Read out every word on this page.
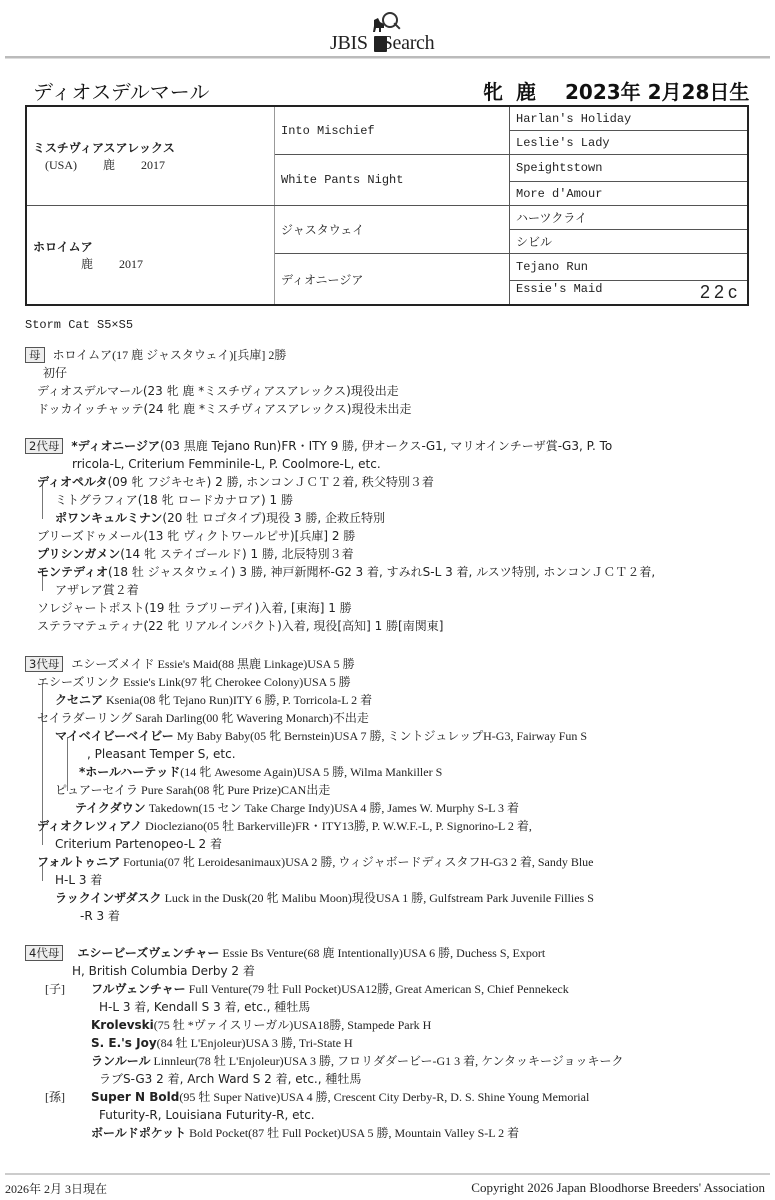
JBIS Search
ディオスデルマール	牝 鹿	2023年 2月28日生
ミスチヴィアスアレックス
(USA) 鹿 2017	Into Mischief	Harlan's Holiday
		Leslie's Lady
	White Pants Night	Speightstown
		More d'Amour

ホロイムア
鹿 2017	ジャスタウェイ	ハーツクライ
		シビル
	ディオニージア	Tejano Run
		Essie's Maid 22c
Storm Cat S5×S5
母 ホロイムア(17 鹿 ジャスタウェイ)[兵庫] 2勝
初仔
ディオスデルマール(23 牝 鹿 *ミスチヴィアスアレックス)現役出走
ドッカイッチャッテ(24 牝 鹿 *ミスチヴィアスアレックス)現役未出走
2代母 *ディオニージア(03 黒鹿 Tejano Run)FR・ITY 9 勝, 伊オークス-G1, マリオインチーザ賞-G3, P. To
rricola-L, Criterium Femminile-L, P. Coolmore-L, etc.
ディオペルタ(09 牝 フジキセキ) 2 勝, ホンコンＪＣＴ２着, 秩父特別３着
ミトグラフィア(18 牝 ロードカナロア) 1 勝
ポワンキュルミナン(20 牡 ロゴタイプ)現役 3 勝, 企救丘特別
ブリーズドゥメール(13 牝 ヴィクトワールピサ)[兵庫] 2 勝
プリシンガメン(14 牝 ステイゴールド) 1 勝, 北辰特別３着
モンテディオ(18 牡 ジャスタウェイ) 3 勝, 神戸新聞杯-G2 3 着, すみれS-L 3 着, ルスツ特別, ホンコンＪＣＴ２着,
アザレア賞２着
ソレジャートポスト(19 牡 ラブリーデイ)入着, [東海] 1 勝
ステラマテュティナ(22 牝 リアルインパクト)入着, 現役[高知] 1 勝[南関東]
3代母 エシーズメイド Essie's Maid(88 黒鹿 Linkage)USA 5 勝
エシーズリンク Essie's Link(97 牝 Cherokee Colony)USA 5 勝
クセニア Ksenia(08 牝 Tejano Run)ITY 6 勝, P. Torricola-L 2 着
セイラダーリング Sarah Darling(00 牝 Wavering Monarch)不出走
マイベイビーベイビー My Baby Baby(05 牝 Bernstein)USA 7 勝, ミントジュレップH-G3, Fairway Fun S
, Pleasant Temper S, etc.
*ホールハーテッド(14 牝 Awesome Again)USA 5 勝, Wilma Mankiller S
ピュアーセイラ Pure Sarah(08 牝 Pure Prize)CAN出走
テイクダウン Takedown(15 セン Take Charge Indy)USA 4 勝, James W. Murphy S-L 3 着
ディオクレツィアノ Diocleziano(05 牡 Barkerville)FR・ITY13勝, P. W.W.F.-L, P. Signorino-L 2 着,
Criterium Partenopeo-L 2 着
フォルトゥニア Fortunia(07 牝 Leroidesanimaux)USA 2 勝, ウィジャボードディスタフH-G3 2 着, Sandy Blue
H-L 3 着
ラックインザダスク Luck in the Dusk(20 牝 Malibu Moon)現役USA 1 勝, Gulfstream Park Juvenile Fillies S
-R 3 着
4代母 エシービーズヴェンチャー Essie Bs Venture(68 鹿 Intentionally)USA 6 勝, Duchess S, Export
H, British Columbia Derby 2 着
[子] フルヴェンチャー Full Venture(79 牡 Full Pocket)USA12勝, Great American S, Chief Pennekeck
H-L 3 着, Kendall S 3 着, etc., 種牡馬
Krolevski(75 牡 *ヴァイスリーガル)USA18勝, Stampede Park H
S. E.'s Joy(84 牡 L'Enjoleur)USA 3 勝, Tri-State H
ランルール Linnleur(78 牡 L'Enjoleur)USA 3 勝, フロリダダービー-G1 3 着, ケンタッキージョッキーク
ラブS-G3 2 着, Arch Ward S 2 着, etc., 種牡馬
[孫] Super N Bold(95 牡 Super Native)USA 4 勝, Crescent City Derby-R, D. S. Shine Young Memorial
Futurity-R, Louisiana Futurity-R, etc.
ボールドポケット Bold Pocket(87 牡 Full Pocket)USA 5 勝, Mountain Valley S-L 2 着
2026年 2月 3日現在	Copyright 2026 Japan Bloodhorse Breeders' Association
